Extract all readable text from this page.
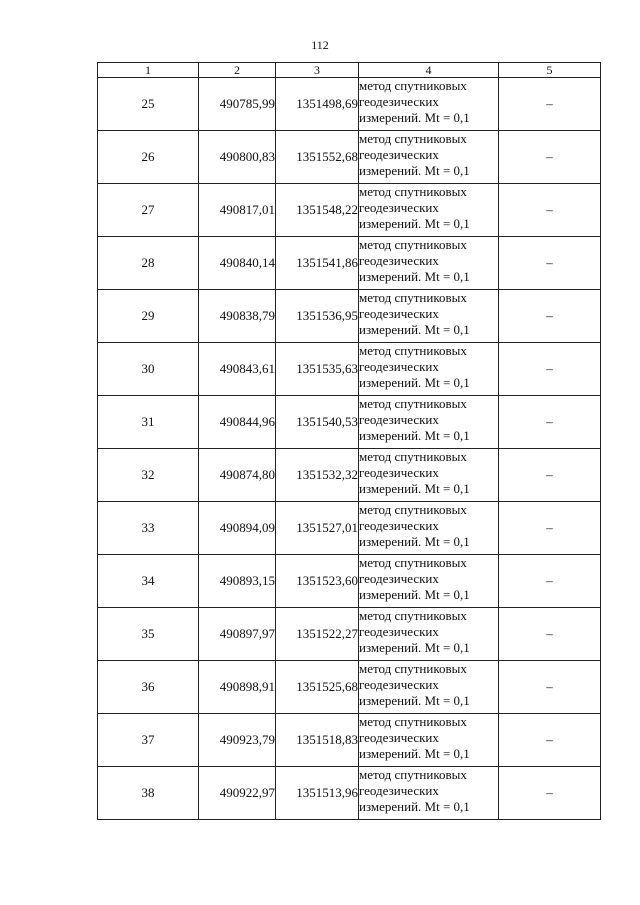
112
1	2	3	4	5
25	490785,99	1351498,69	метод спутниковых
геодезических
измерений. Mt = 0,1	–
26	490800,83	1351552,68	метод спутниковых
геодезических
измерений. Mt = 0,1	–
27	490817,01	1351548,22	метод спутниковых
геодезических
измерений. Mt = 0,1	–
28	490840,14	1351541,86	метод спутниковых
геодезических
измерений. Mt = 0,1	–
29	490838,79	1351536,95	метод спутниковых
геодезических
измерений. Mt = 0,1	–
30	490843,61	1351535,63	метод спутниковых
геодезических
измерений. Mt = 0,1	–
31	490844,96	1351540,53	метод спутниковых
геодезических
измерений. Mt = 0,1	–
32	490874,80	1351532,32	метод спутниковых
геодезических
измерений. Mt = 0,1	–
33	490894,09	1351527,01	метод спутниковых
геодезических
измерений. Mt = 0,1	–
34	490893,15	1351523,60	метод спутниковых
геодезических
измерений. Mt = 0,1	–
35	490897,97	1351522,27	метод спутниковых
геодезических
измерений. Mt = 0,1	–
36	490898,91	1351525,68	метод спутниковых
геодезических
измерений. Mt = 0,1	–
37	490923,79	1351518,83	метод спутниковых
геодезических
измерений. Mt = 0,1	–
38	490922,97	1351513,96	метод спутниковых
геодезических
измерений. Mt = 0,1	–
